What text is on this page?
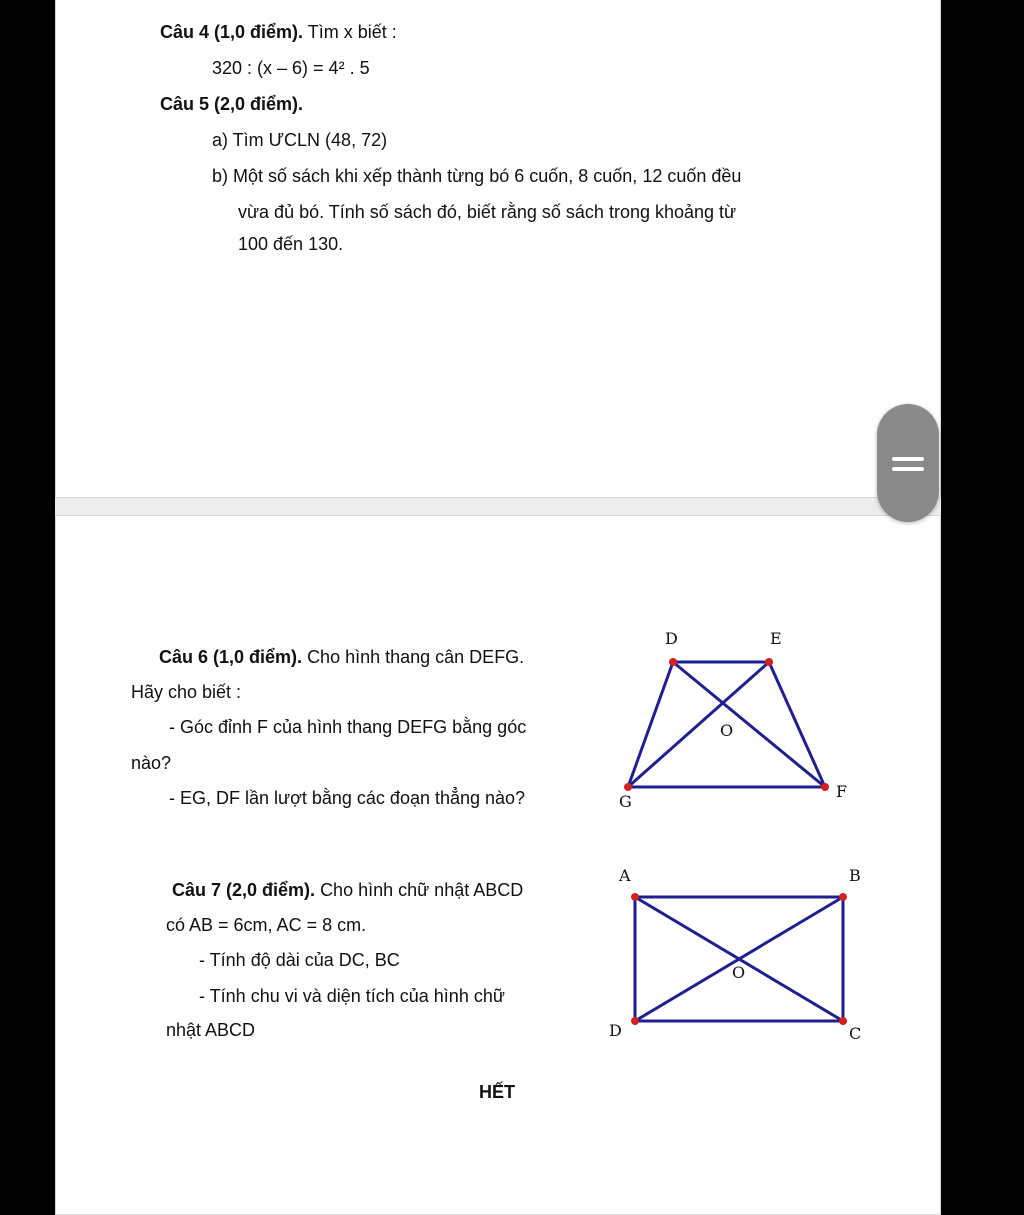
Câu 4 (1,0 điểm). Tìm x biết :
320 : (x – 6) = 4² . 5
Câu 5 (2,0 điểm).
a) Tìm ƯCLN (48, 72)
b) Một số sách khi xếp thành từng bó 6 cuốn, 8 cuốn, 12 cuốn đều
vừa đủ bó. Tính số sách đó, biết rằng số sách trong khoảng từ
100 đến 130.
Câu 6 (1,0 điểm). Cho hình thang cân DEFG.
Hãy cho biết :
- Góc đỉnh F của hình thang DEFG bằng góc
nào?
- EG, DF lần lượt bằng các đoạn thẳng nào?
D	E
F
G
O
Câu 7 (2,0 điểm). Cho hình chữ nhật ABCD
có AB = 6cm, AC = 8 cm.
- Tính độ dài của DC, BC
- Tính chu vi và diện tích của hình chữ
nhật ABCD
A	B
C
D
O
HẾT
